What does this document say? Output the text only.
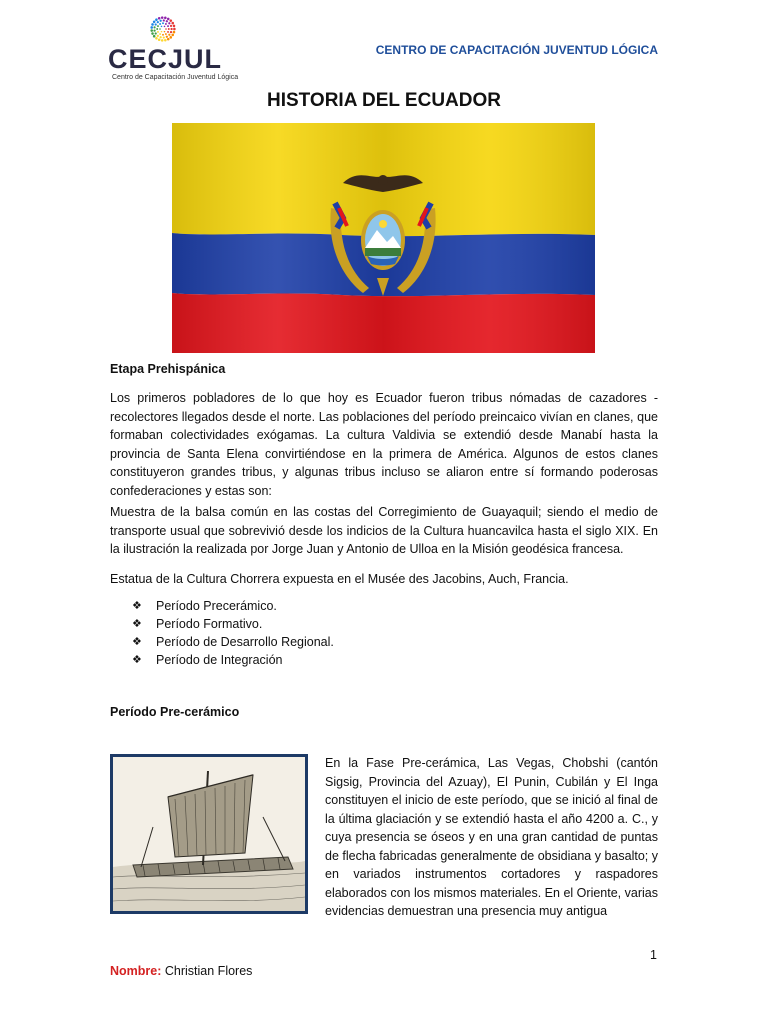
CECJUL
Centro de Capacitación Juventud Lógica
CENTRO DE CAPACITACIÓN JUVENTUD LÓGICA
HISTORIA DEL ECUADOR
Etapa Prehispánica

Los primeros pobladores de lo que hoy es Ecuador fueron tribus nómadas de cazadores - recolectores llegados desde el norte. Las poblaciones del período preincaico vivían en clanes, que formaban colectividades exógamas. La cultura Valdivia se extendió desde Manabí hasta la provincia de Santa Elena convirtiéndose en la primera de América. Algunos de estos clanes constituyeron grandes tribus, y algunas tribus incluso se aliaron entre sí formando poderosas confederaciones y estas son:

Muestra de la balsa común en las costas del Corregimiento de Guayaquil; siendo el medio de transporte usual que sobrevivió desde los indicios de la Cultura huancavilca hasta el siglo XIX. En la ilustración la realizada por Jorge Juan y Antonio de Ulloa en la Misión geodésica francesa.

Estatua de la Cultura Chorrera expuesta en el Musée des Jacobins, Auch, Francia.

❖ Período Precerámico.
❖ Período Formativo.
❖ Período de Desarrollo Regional.
❖ Período de Integración
Período Pre-cerámico

En la Fase Pre-cerámica, Las Vegas, Chobshi (cantón Sigsig, Provincia del Azuay), El Punin, Cubilán y El Inga constituyen el inicio de este período, que se inició al final de la última glaciación y se extendió hasta el año 4200 a. C., y cuya presencia se óseos y en una gran cantidad de puntas de flecha fabricadas generalmente de obsidiana y basalto; y en variados instrumentos cortadores y raspadores elaborados con los mismos materiales. En el Oriente, varias evidencias demuestran una presencia muy antigua

1
Nombre: Christian Flores
